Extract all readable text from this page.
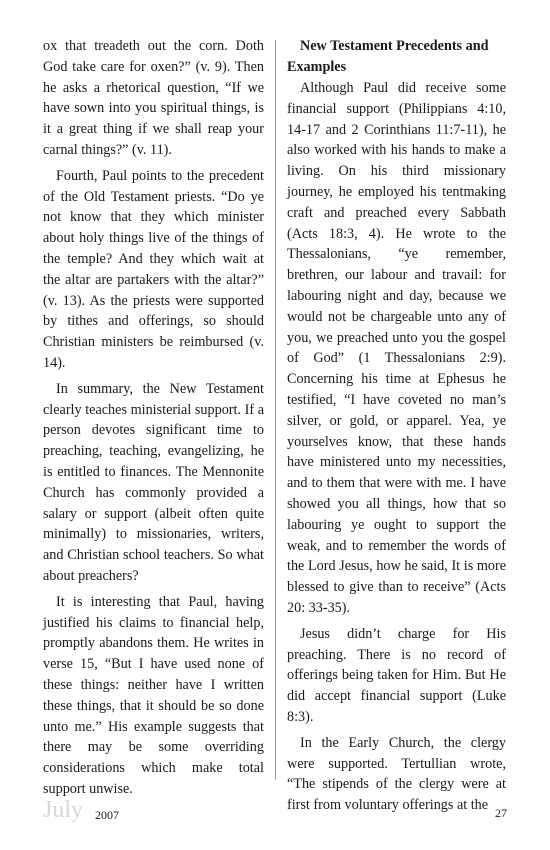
ox that treadeth out the corn. Doth God take care for oxen?” (v. 9). Then he asks a rhetorical question, “If we have sown into you spiritual things, is it a great thing if we shall reap your carnal things?” (v. 11).

Fourth, Paul points to the precedent of the Old Testament priests. “Do ye not know that they which minister about holy things live of the things of the temple? And they which wait at the altar are partakers with the altar?” (v. 13). As the priests were supported by tithes and offerings, so should Christian ministers be reimbursed (v. 14).

In summary, the New Testament clearly teaches ministerial support. If a person devotes significant time to preaching, teaching, evangelizing, he is entitled to finances. The Mennonite Church has commonly provided a salary or support (albeit often quite minimally) to missionaries, writers, and Christian school teachers. So what about preachers?

It is interesting that Paul, having justified his claims to financial help, promptly abandons them. He writes in verse 15, “But I have used none of these things: neither have I written these things, that it should be so done unto me.” His example suggests that there may be some overriding considerations which make total support unwise.

New Testament Precedents and Examples

Although Paul did receive some financial support (Philippians 4:10, 14-17 and 2 Corinthians 11:7-11), he also worked with his hands to make a living. On his third missionary journey, he employed his tentmaking craft and preached every Sabbath (Acts 18:3, 4). He wrote to the Thessalonians, “ye remember, brethren, our labour and travail: for labouring night and day, because we would not be chargeable unto any of you, we preached unto you the gospel of God” (1 Thessalonians 2:9). Concerning his time at Ephesus he testified, “I have coveted no man’s silver, or gold, or apparel. Yea, ye yourselves know, that these hands have ministered unto my necessities, and to them that were with me. I have showed you all things, how that so labouring ye ought to support the weak, and to remember the words of the Lord Jesus, how he said, It is more blessed to give than to receive” (Acts 20: 33-35).

Jesus didn’t charge for His preaching. There is no record of offerings being taken for Him. But He did accept financial support (Luke 8:3).

In the Early Church, the clergy were supported. Tertullian wrote, “The stipends of the clergy were at first from voluntary offerings at the

July 2007	27
